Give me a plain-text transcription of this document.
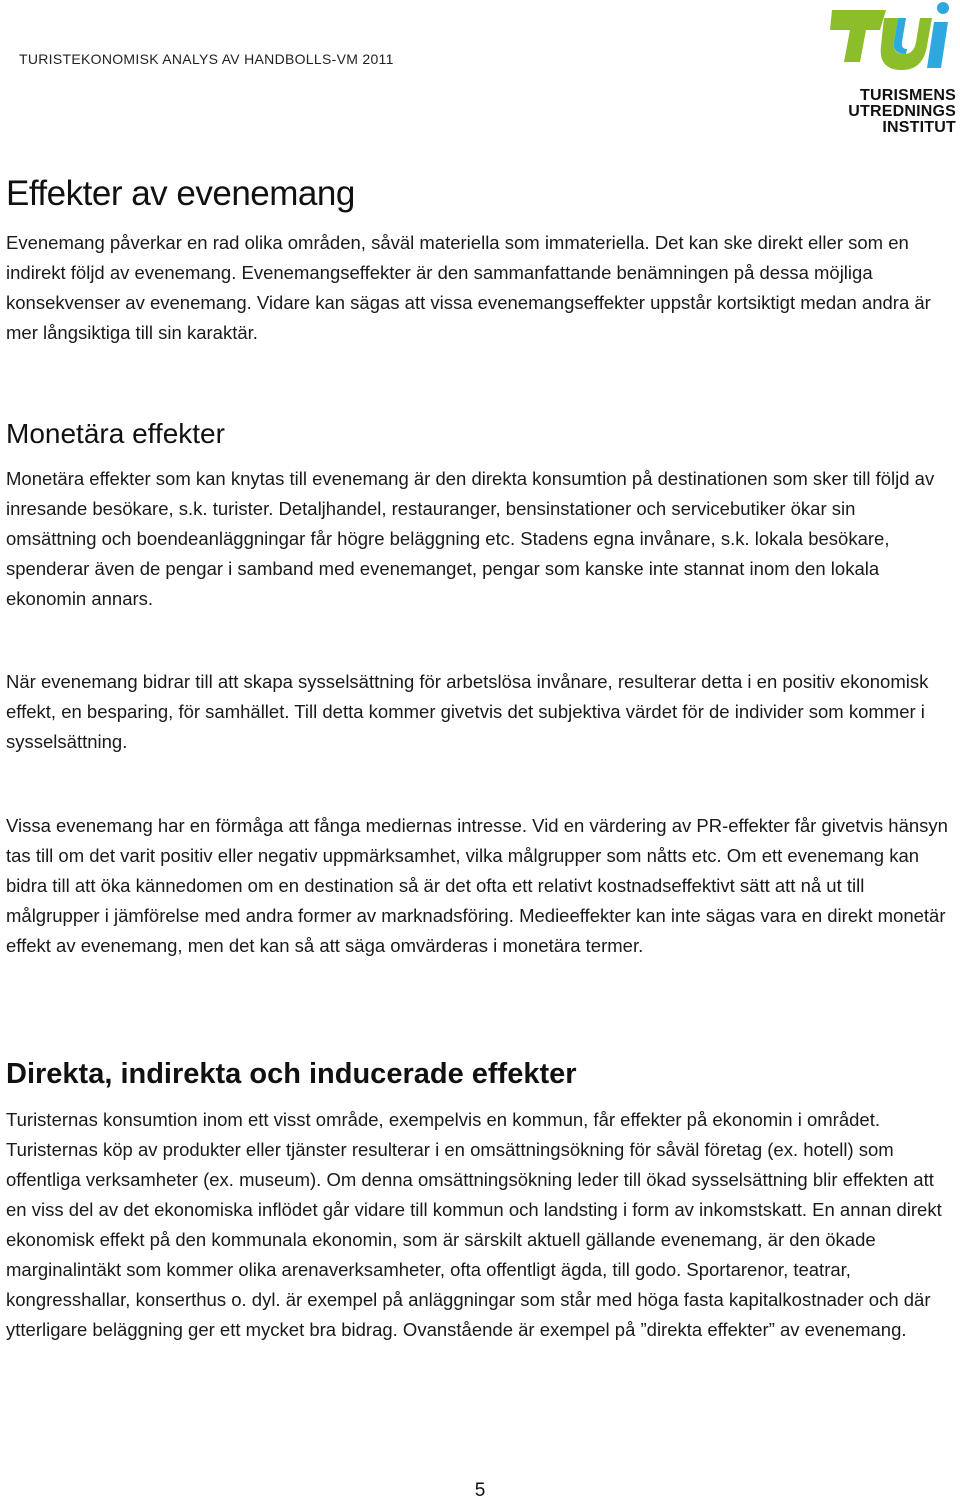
TURISTEKONOMISK ANALYS AV HANDBOLLS-VM 2011
TURISMENS
UTREDNINGS
INSTITUT
Effekter av evenemang

Evenemang påverkar en rad olika områden, såväl materiella som immateriella. Det kan ske direkt eller som en indirekt följd av evenemang. Evenemangseffekter är den sammanfattande benämningen på dessa möjliga konsekvenser av evenemang. Vidare kan sägas att vissa evenemangseffekter uppstår kortsiktigt medan andra är mer långsiktiga till sin karaktär.

Monetära effekter

Monetära effekter som kan knytas till evenemang är den direkta konsumtion på destinationen som sker till följd av inresande besökare, s.k. turister. Detaljhandel, restauranger, bensinstationer och servicebutiker ökar sin omsättning och boendeanläggningar får högre beläggning etc. Stadens egna invånare, s.k. lokala besökare, spenderar även de pengar i samband med evenemanget, pengar som kanske inte stannat inom den lokala ekonomin annars.

När evenemang bidrar till att skapa sysselsättning för arbetslösa invånare, resulterar detta i en positiv ekonomisk effekt, en besparing, för samhället. Till detta kommer givetvis det subjektiva värdet för de individer som kommer i sysselsättning.

Vissa evenemang har en förmåga att fånga mediernas intresse. Vid en värdering av PR-effekter får givetvis hänsyn tas till om det varit positiv eller negativ uppmärksamhet, vilka målgrupper som nåtts etc. Om ett evenemang kan bidra till att öka kännedomen om en destination så är det ofta ett relativt kostnadseffektivt sätt att nå ut till målgrupper i jämförelse med andra former av marknadsföring. Medieeffekter kan inte sägas vara en direkt monetär effekt av evenemang, men det kan så att säga omvärderas i monetära termer.

Direkta, indirekta och inducerade effekter

Turisternas konsumtion inom ett visst område, exempelvis en kommun, får effekter på ekonomin i området. Turisternas köp av produkter eller tjänster resulterar i en omsättningsökning för såväl företag (ex. hotell) som offentliga verksamheter (ex. museum). Om denna omsättningsökning leder till ökad sysselsättning blir effekten att en viss del av det ekonomiska inflödet går vidare till kommun och landsting i form av inkomstskatt. En annan direkt ekonomisk effekt på den kommunala ekonomin, som är särskilt aktuell gällande evenemang, är den ökade marginalintäkt som kommer olika arenaverksamheter, ofta offentligt ägda, till godo. Sportarenor, teatrar, kongresshallar, konserthus o. dyl. är exempel på anläggningar som står med höga fasta kapitalkostnader och där ytterligare beläggning ger ett mycket bra bidrag. Ovanstående är exempel på ”direkta effekter” av evenemang.

5
